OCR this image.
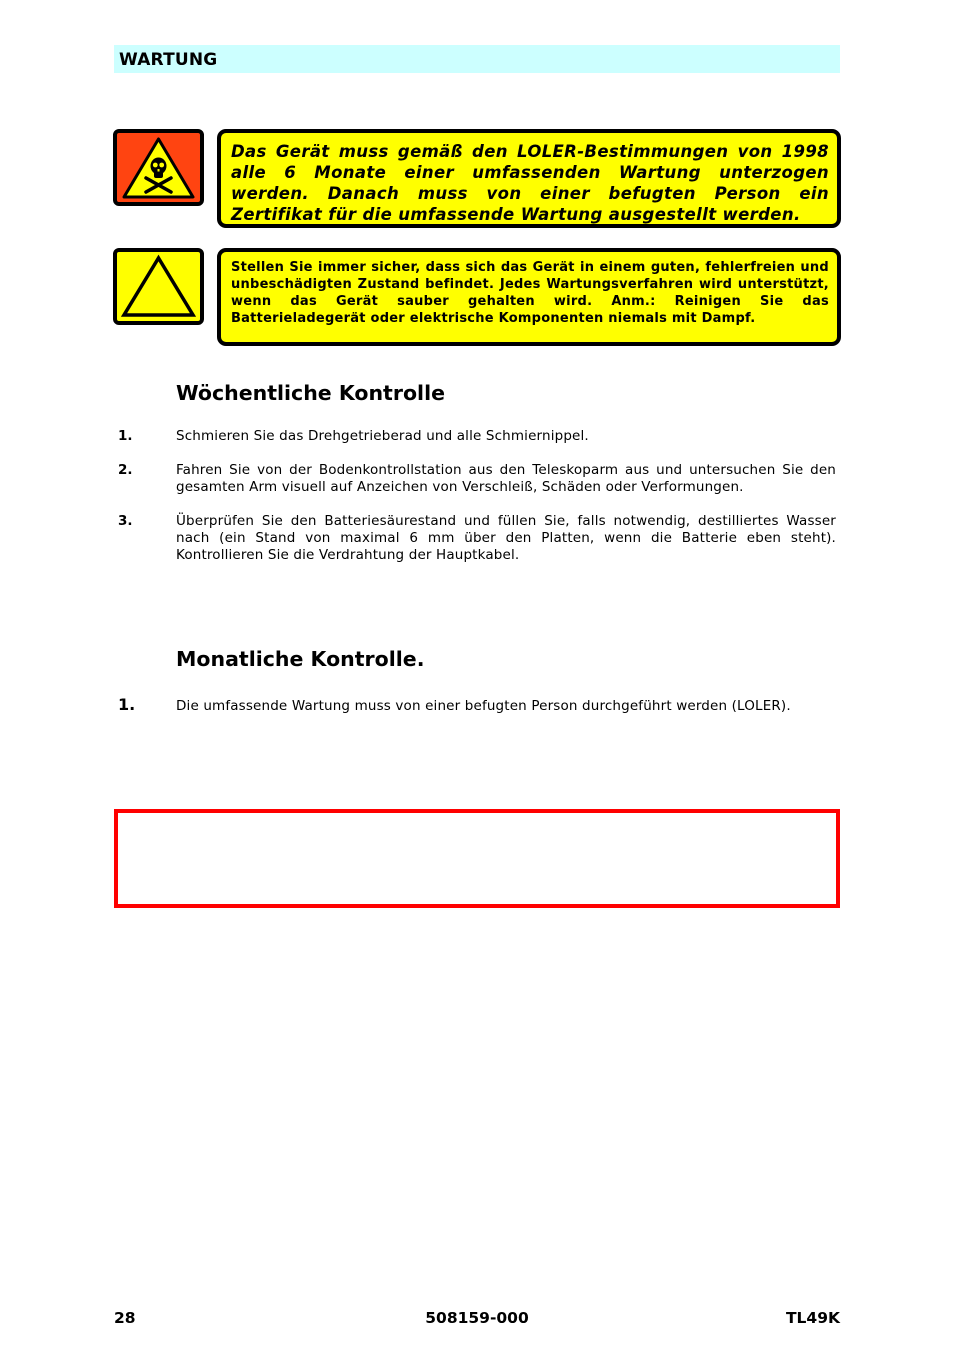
WARTUNG

Das Gerät muss gemäß den LOLER-Bestimmungen von 1998 alle 6 Monate einer umfassenden Wartung unterzogen werden. Danach muss von einer befugten Person ein Zertifikat für die umfassende Wartung ausgestellt werden.

Stellen Sie immer sicher, dass sich das Gerät in einem guten, fehlerfreien und unbeschädigten Zustand befindet. Jedes Wartungsverfahren wird unterstützt, wenn das Gerät sauber gehalten wird. Anm.: Reinigen Sie das Batterieladegerät oder elektrische Komponenten niemals mit Dampf.

Wöchentliche Kontrolle
1.	Schmieren Sie das Drehgetrieberad und alle Schmiernippel.

2.	Fahren Sie von der Bodenkontrollstation aus den Teleskoparm aus und untersuchen Sie den gesamten Arm visuell auf Anzeichen von Verschleiß, Schäden oder Verformungen.

3.	Überprüfen Sie den Batteriesäurestand und füllen Sie, falls notwendig, destilliertes Wasser nach (ein Stand von maximal 6 mm über den Platten, wenn die Batterie eben steht). Kontrollieren Sie die Verdrahtung der Hauptkabel.

Monatliche Kontrolle.
1.	Die umfassende Wartung muss von einer befugten Person durchgeführt werden (LOLER).

508159-000
28	TL49K
